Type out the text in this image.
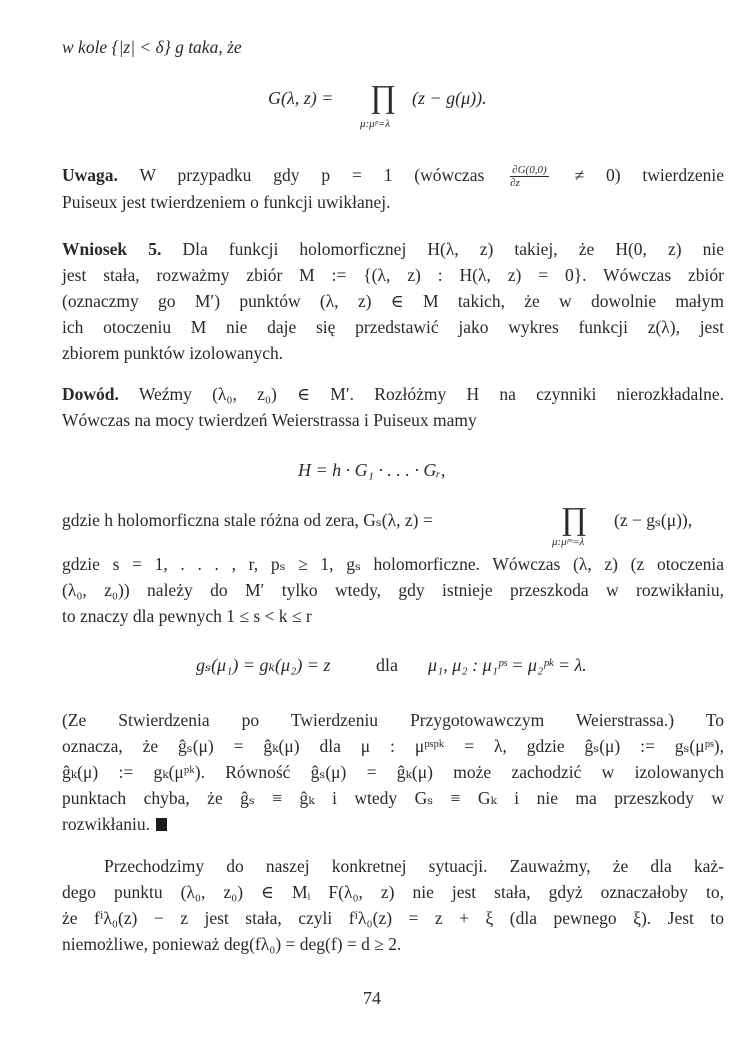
w kole {|z| < δ} g taka, że
G(λ, z) = ∏ (z − g(μ)).
μ:μᵖ=λ
Uwaga. W przypadku gdy p = 1 (wówczas $\frac{\partial G(0,0)}{\partial z} \ne 0$) twierdzenie
Puiseux jest twierdzeniem o funkcji uwikłanej.
Wniosek 5. Dla funkcji holomorficznej H(λ, z) takiej, że H(0, z) nie
jest stała, rozważmy zbiór M := {(λ, z) : H(λ, z) = 0}. Wówczas zbiór
(oznaczmy go M′) punktów (λ, z) ∈ M takich, że w dowolnie małym
ich otoczeniu M nie daje się przedstawić jako wykres funkcji z(λ), jest
zbiorem punktów izolowanych.
Dowód. Weźmy (λ₀, z₀) ∈ M′. Rozłóżmy H na czynniki nierozkładalne.
Wówczas na mocy twierdzeń Weierstrassa i Puiseux mamy
H = h · G₁ · . . . · Gᵣ,
gdzie h holomorficzna stale różna od zera, Gₛ(λ, z) =	∏ (z − gₛ(μ)),
μ:μᵖˢ=λ
gdzie s = 1, . . . , r, pₛ ≥ 1, gₛ holomorficzne. Wówczas (λ, z) (z otoczenia
(λ₀, z₀)) należy do M′ tylko wtedy, gdy istnieje przeszkoda w rozwikłaniu,
to znaczy dla pewnych 1 ≤ s < k ≤ r
gₛ(μ₁) = gₖ(μ₂) = z	dla μ₁, μ₂ : μ₁ᵖˢ = μ₂ᵖᵏ = λ.
(Ze Stwierdzenia po Twierdzeniu Przygotowawczym Weierstrassa.) To
oznacza, że ĝₛ(μ) = ĝₖ(μ) dla μ : μᵖˢᵖᵏ = λ, gdzie ĝₛ(μ) := gₛ(μᵖˢ),
ĝₖ(μ) := gₖ(μᵖᵏ). Równość ĝₛ(μ) = ĝₖ(μ) może zachodzić w izolowanych
punktach chyba, że ĝₛ ≡ ĝₖ i wtedy Gₛ ≡ Gₖ i nie ma przeszkody w
rozwikłaniu.
Przechodzimy do naszej konkretnej sytuacji. Zauważmy, że dla każ-
dego punktu (λ₀, z₀) ∈ Mᵢ F(λ₀, z) nie jest stała, gdyż oznaczałoby to,
że fⁱλ₀(z) − z jest stała, czyli fⁱλ₀(z) = z + ξ (dla pewnego ξ). Jest to
niemożliwe, ponieważ deg(fλ₀) = deg(f) = d ≥ 2.
74
